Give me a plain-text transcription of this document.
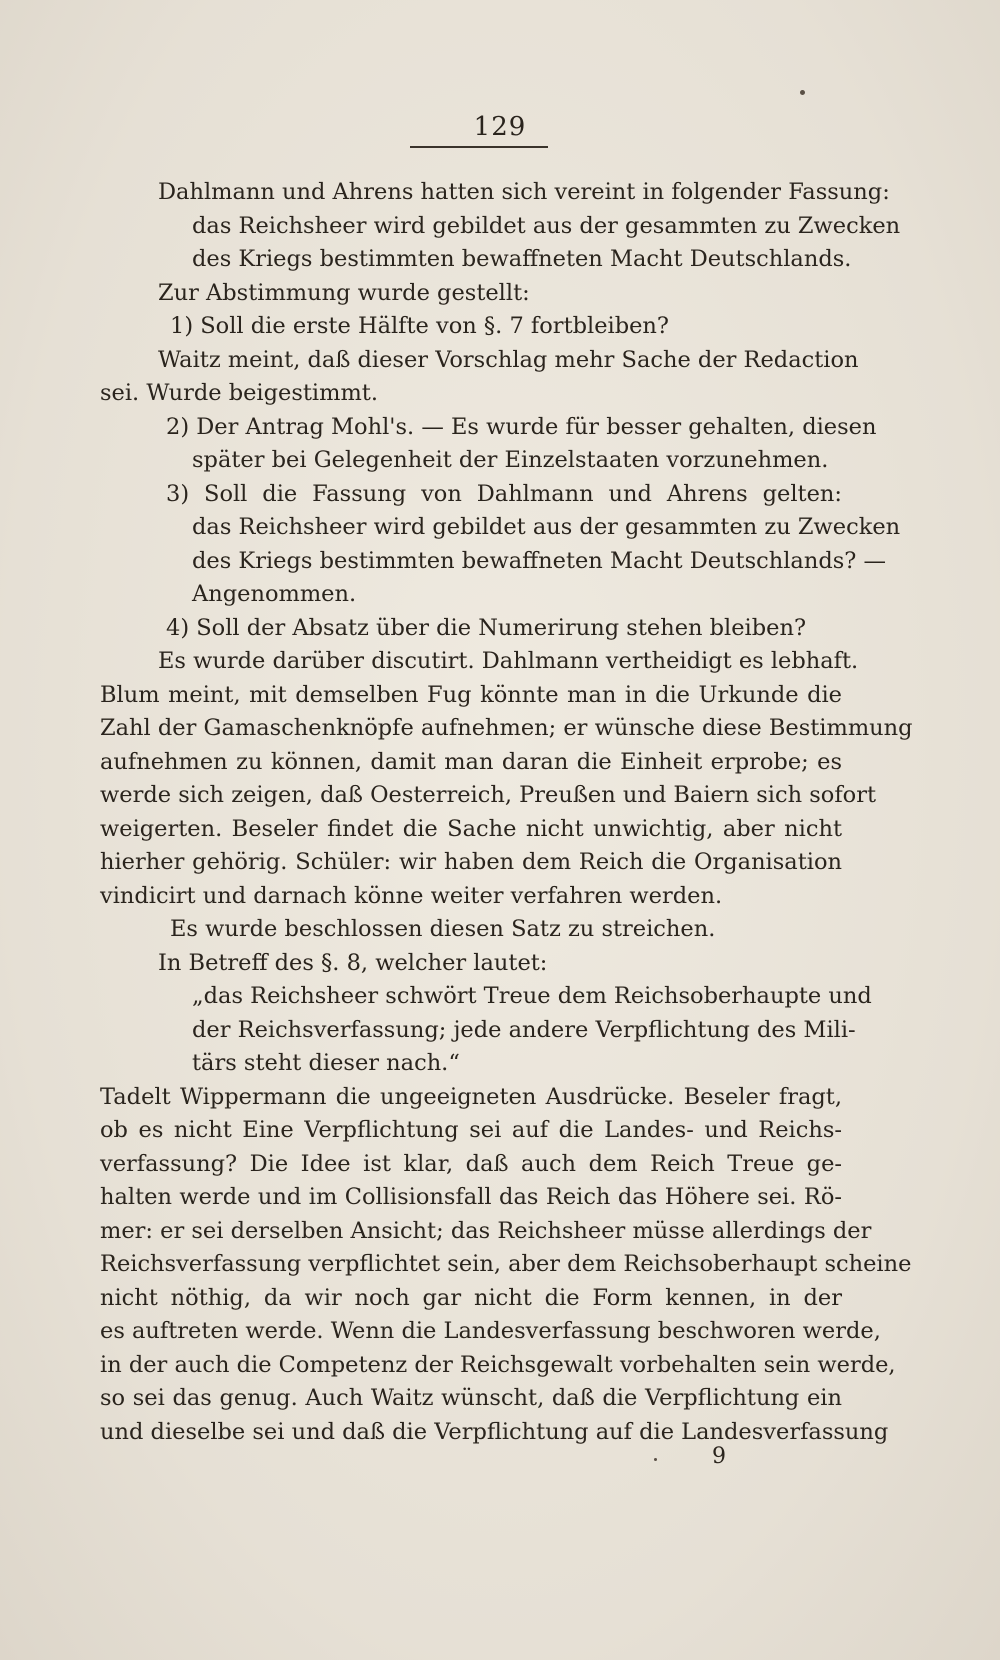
129
Dahlmann und Ahrens hatten sich vereint in folgender Fassung:
das Reichsheer wird gebildet aus der gesammten zu Zwecken
des Kriegs bestimmten bewaffneten Macht Deutschlands.
Zur Abstimmung wurde gestellt:
1) Soll die erste Hälfte von §. 7 fortbleiben?
Waitz meint, daß dieser Vorschlag mehr Sache der Redaction
sei. Wurde beigestimmt.
2) Der Antrag Mohl's. — Es wurde für besser gehalten, diesen
später bei Gelegenheit der Einzelstaaten vorzunehmen.
3) Soll die Fassung von Dahlmann und Ahrens gelten:
das Reichsheer wird gebildet aus der gesammten zu Zwecken
des Kriegs bestimmten bewaffneten Macht Deutschlands? —
Angenommen.
4) Soll der Absatz über die Numerirung stehen bleiben?
Es wurde darüber discutirt. Dahlmann vertheidigt es lebhaft.
Blum meint, mit demselben Fug könnte man in die Urkunde die
Zahl der Gamaschenknöpfe aufnehmen; er wünsche diese Bestimmung
aufnehmen zu können, damit man daran die Einheit erprobe; es
werde sich zeigen, daß Oesterreich, Preußen und Baiern sich sofort
weigerten. Beseler findet die Sache nicht unwichtig, aber nicht
hierher gehörig. Schüler: wir haben dem Reich die Organisation
vindicirt und darnach könne weiter verfahren werden.
Es wurde beschlossen diesen Satz zu streichen.
In Betreff des §. 8, welcher lautet:
„das Reichsheer schwört Treue dem Reichsoberhaupte und
der Reichsverfassung; jede andere Verpflichtung des Mili-
tärs steht dieser nach.“
Tadelt Wippermann die ungeeigneten Ausdrücke. Beseler fragt,
ob es nicht Eine Verpflichtung sei auf die Landes- und Reichs-
verfassung? Die Idee ist klar, daß auch dem Reich Treue ge-
halten werde und im Collisionsfall das Reich das Höhere sei. Rö-
mer: er sei derselben Ansicht; das Reichsheer müsse allerdings der
Reichsverfassung verpflichtet sein, aber dem Reichsoberhaupt scheine
nicht nöthig, da wir noch gar nicht die Form kennen, in der
es auftreten werde. Wenn die Landesverfassung beschworen werde,
in der auch die Competenz der Reichsgewalt vorbehalten sein werde,
so sei das genug. Auch Waitz wünscht, daß die Verpflichtung ein
und dieselbe sei und daß die Verpflichtung auf die Landesverfassung
9
